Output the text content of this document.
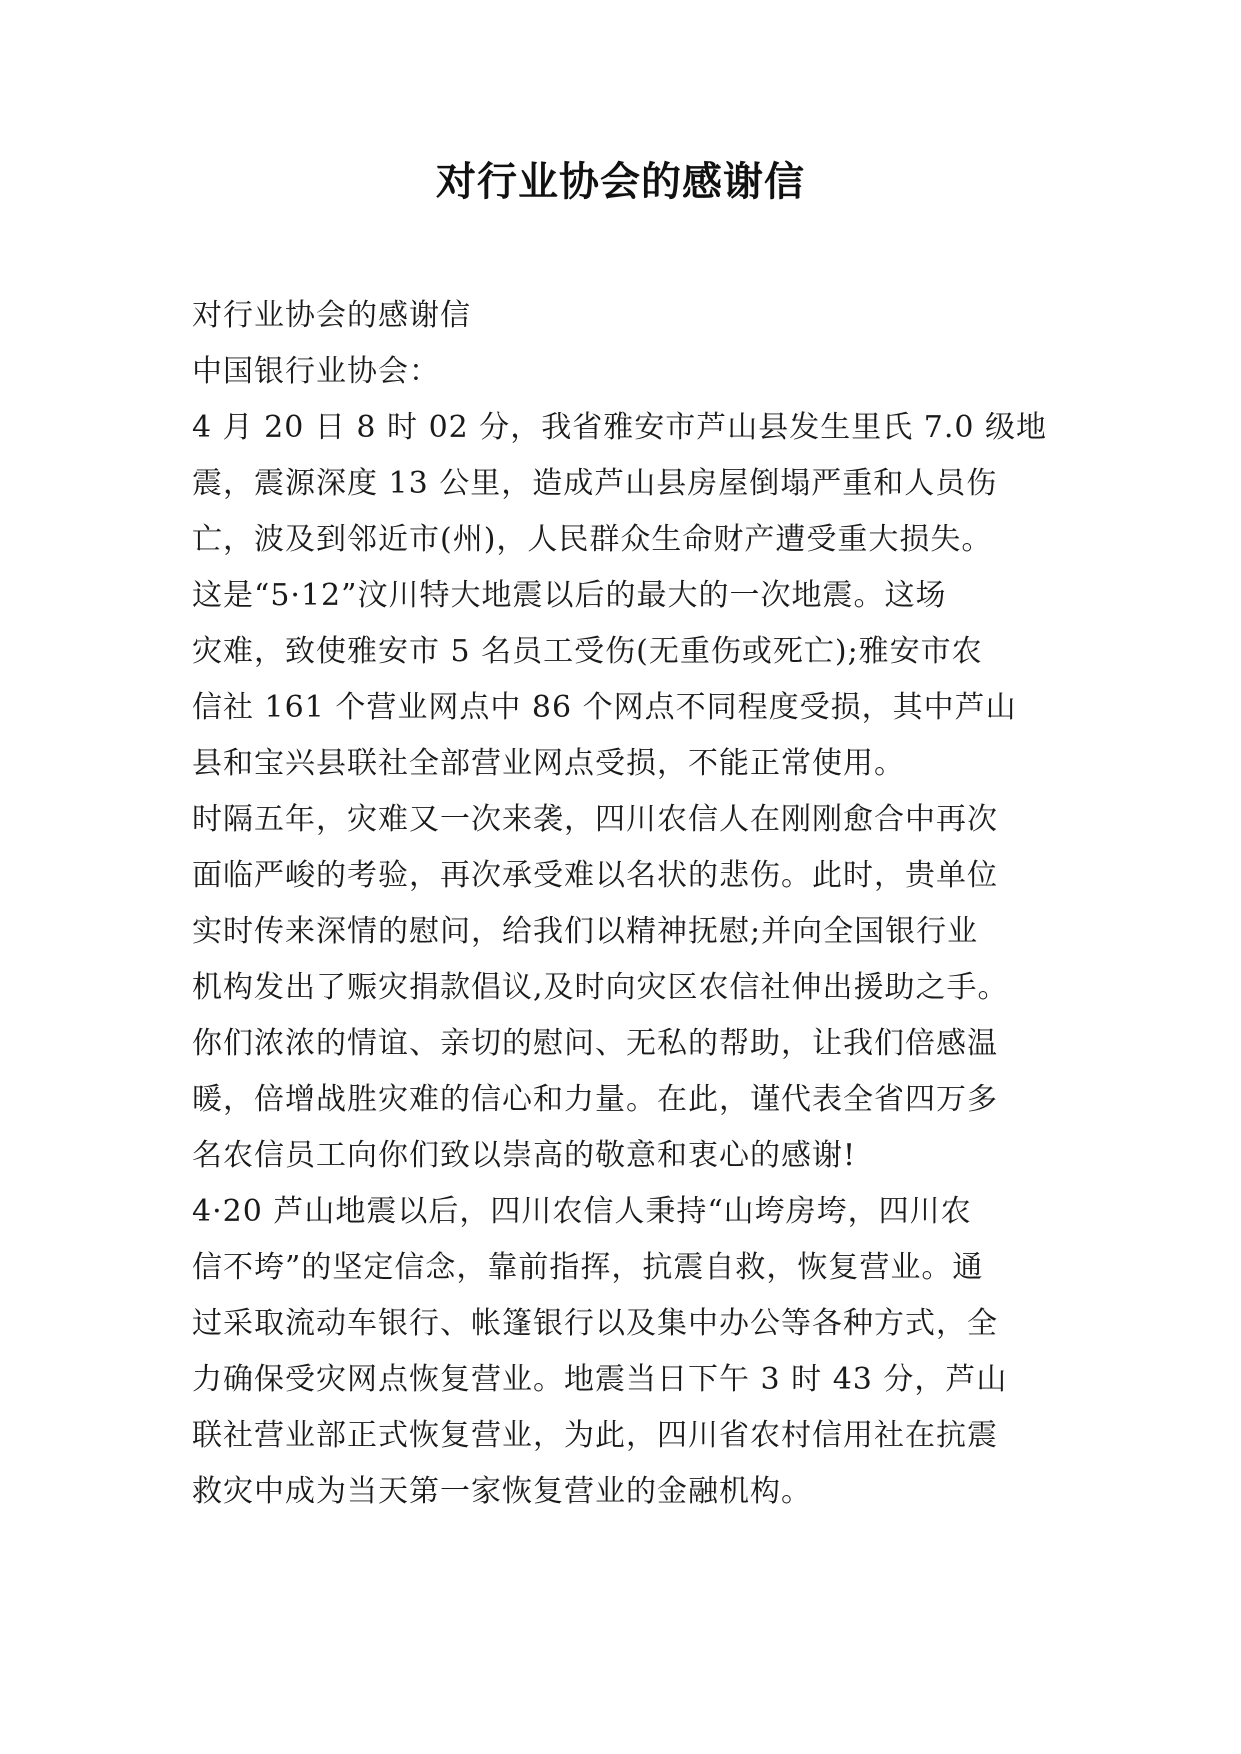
对行业协会的感谢信

对行业协会的感谢信

中国银行业协会：

4 月 20 日 8 时 02 分，我省雅安市芦山县发生里氏 7.0 级地

震，震源深度 13 公里，造成芦山县房屋倒塌严重和人员伤

亡，波及到邻近市(州)，人民群众生命财产遭受重大损失。

这是“5·12”汶川特大地震以后的最大的一次地震。这场

灾难，致使雅安市 5 名员工受伤(无重伤或死亡);雅安市农

信社 161 个营业网点中 86 个网点不同程度受损，其中芦山

县和宝兴县联社全部营业网点受损，不能正常使用。

时隔五年，灾难又一次来袭，四川农信人在刚刚愈合中再次

面临严峻的考验，再次承受难以名状的悲伤。此时，贵单位

实时传来深情的慰问，给我们以精神抚慰;并向全国银行业

机构发出了赈灾捐款倡议,及时向灾区农信社伸出援助之手。

你们浓浓的情谊、亲切的慰问、无私的帮助，让我们倍感温

暖，倍增战胜灾难的信心和力量。在此，谨代表全省四万多

名农信员工向你们致以崇高的敬意和衷心的感谢!

4·20 芦山地震以后，四川农信人秉持“山垮房垮，四川农

信不垮”的坚定信念，靠前指挥，抗震自救，恢复营业。通

过采取流动车银行、帐篷银行以及集中办公等各种方式，全

力确保受灾网点恢复营业。地震当日下午 3 时 43 分，芦山

联社营业部正式恢复营业，为此，四川省农村信用社在抗震

救灾中成为当天第一家恢复营业的金融机构。
